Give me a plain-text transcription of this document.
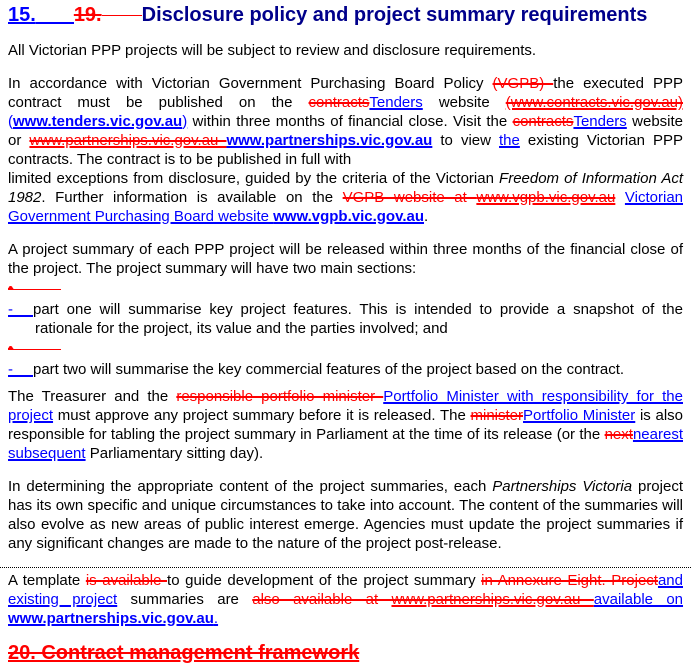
15. 19. Disclosure policy and project summary requirements
All Victorian PPP projects will be subject to review and disclosure requirements.
In accordance with Victorian Government Purchasing Board Policy (VGPB) the executed PPP contract must be published on the contractsTenders website (www.contracts.vic.gov.au)(www.tenders.vic.gov.au) within three months of financial close. Visit the contractsTenders website or www.partnerships.vic.gov.au www.partnerships.vic.gov.au to view the existing Victorian PPP contracts. The contract is to be published in full with
limited exceptions from disclosure, guided by the criteria of the Victorian Freedom of Information Act 1982. Further information is available on the VGPB website at www.vgpb.vic.gov.au Victorian Government Purchasing Board website www.vgpb.vic.gov.au.
A project summary of each PPP project will be released within three months of the financial close of the project. The project summary will have two main sections:
•
- part one will summarise key project features. This is intended to provide a snapshot of the rationale for the project, its value and the parties involved; and
•
- part two will summarise the key commercial features of the project based on the contract.
The Treasurer and the responsible portfolio minister Portfolio Minister with responsibility for the project must approve any project summary before it is released. The ministerPortfolio Minister is also responsible for tabling the project summary in Parliament at the time of its release (or the nextnearest subsequent Parliamentary sitting day).
In determining the appropriate content of the project summaries, each Partnerships Victoria project has its own specific and unique circumstances to take into account. The content of the summaries will also evolve as new areas of public interest emerge. Agencies must update the project summaries if any significant changes are made to the nature of the project post-release.
A template is available to guide development of the project summary in Annexure Eight. Projectand existing project summaries are also available at www.partnerships.vic.gov.au available on www.partnerships.vic.gov.au.
20. Contract management framework
